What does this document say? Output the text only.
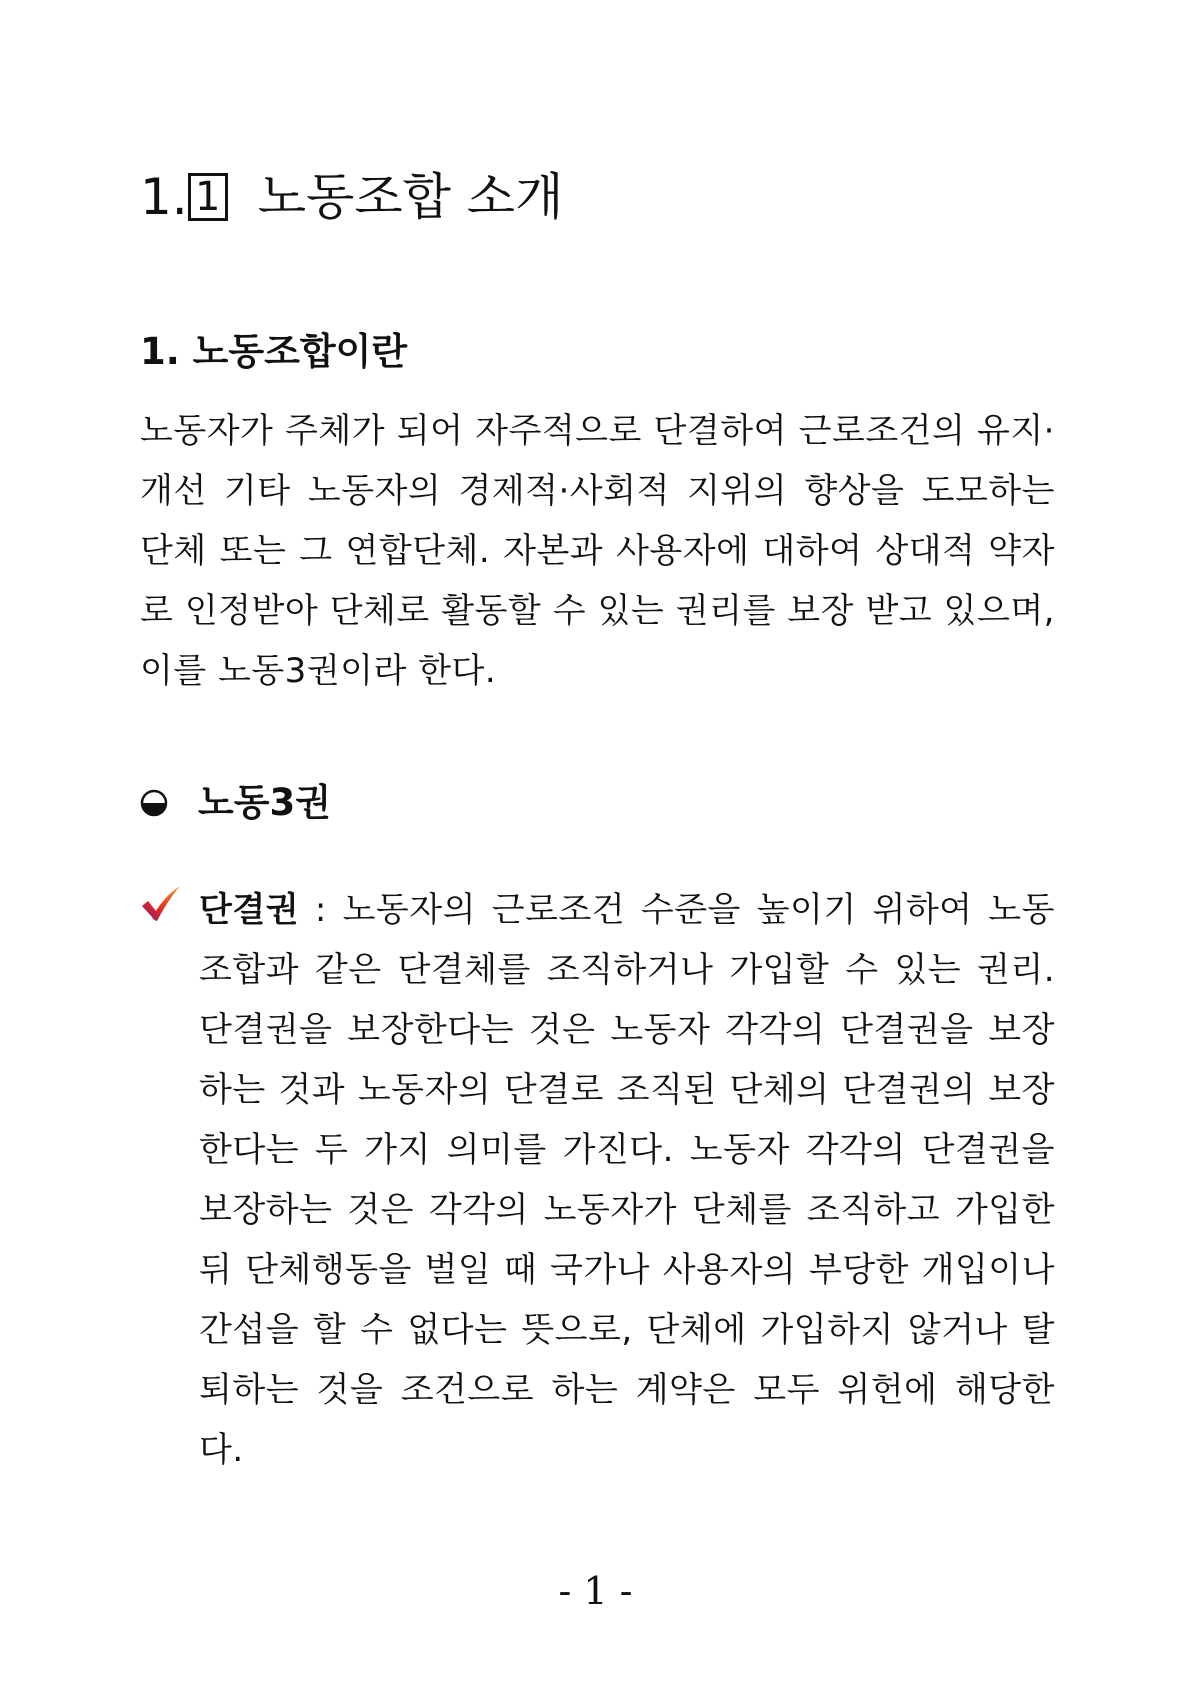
1. 1 노동조합 소개
1. 노동조합이란

노동자가 주체가 되어 자주적으로 단결하여 근로조건의 유지·개선 기타 노동자의 경제적·사회적 지위의 향상을 도모하는 단체 또는 그 연합단체. 자본과 사용자에 대하여 상대적 약자로 인정받아 단체로 활동할 수 있는 권리를 보장 받고 있으며, 이를 노동3권이라 한다.

노동3권

단결권 : 노동자의 근로조건 수준을 높이기 위하여 노동조합과 같은 단결체를 조직하거나 가입할 수 있는 권리. 단결권을 보장한다는 것은 노동자 각각의 단결권을 보장하는 것과 노동자의 단결로 조직된 단체의 단결권의 보장한다는 두 가지 의미를 가진다. 노동자 각각의 단결권을 보장하는 것은 각각의 노동자가 단체를 조직하고 가입한 뒤 단체행동을 벌일 때 국가나 사용자의 부당한 개입이나 간섭을 할 수 없다는 뜻으로, 단체에 가입하지 않거나 탈퇴하는 것을 조건으로 하는 계약은 모두 위헌에 해당한다.

- 1 -
